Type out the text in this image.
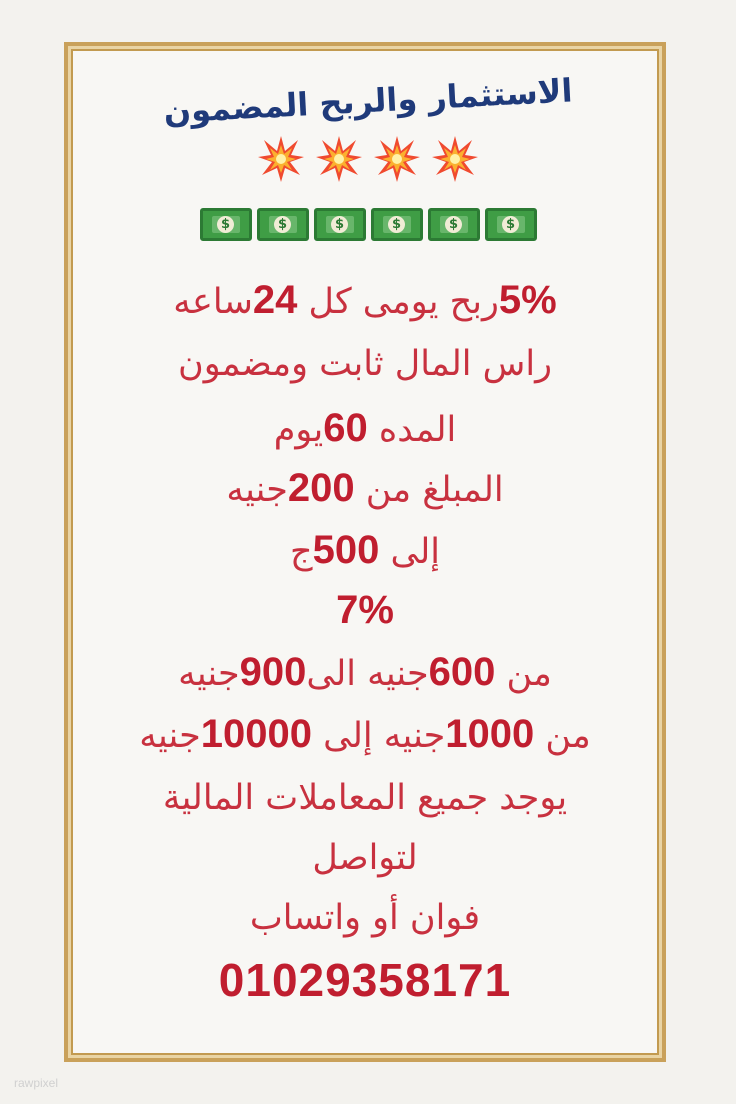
الاستثمار والربح المضمون
$	$	$	$	$	$
5%ربح يومى كل 24ساعه
راس المال ثابت ومضمون
المده 60يوم
المبلغ من 200جنيه
إلى 500ج
7%
من 600جنيه الى900جنيه
من 1000جنيه إلى 10000جنيه
يوجد جميع المعاملات المالية
لتواصل
فوان أو واتساب
01029358171
rawpixel
